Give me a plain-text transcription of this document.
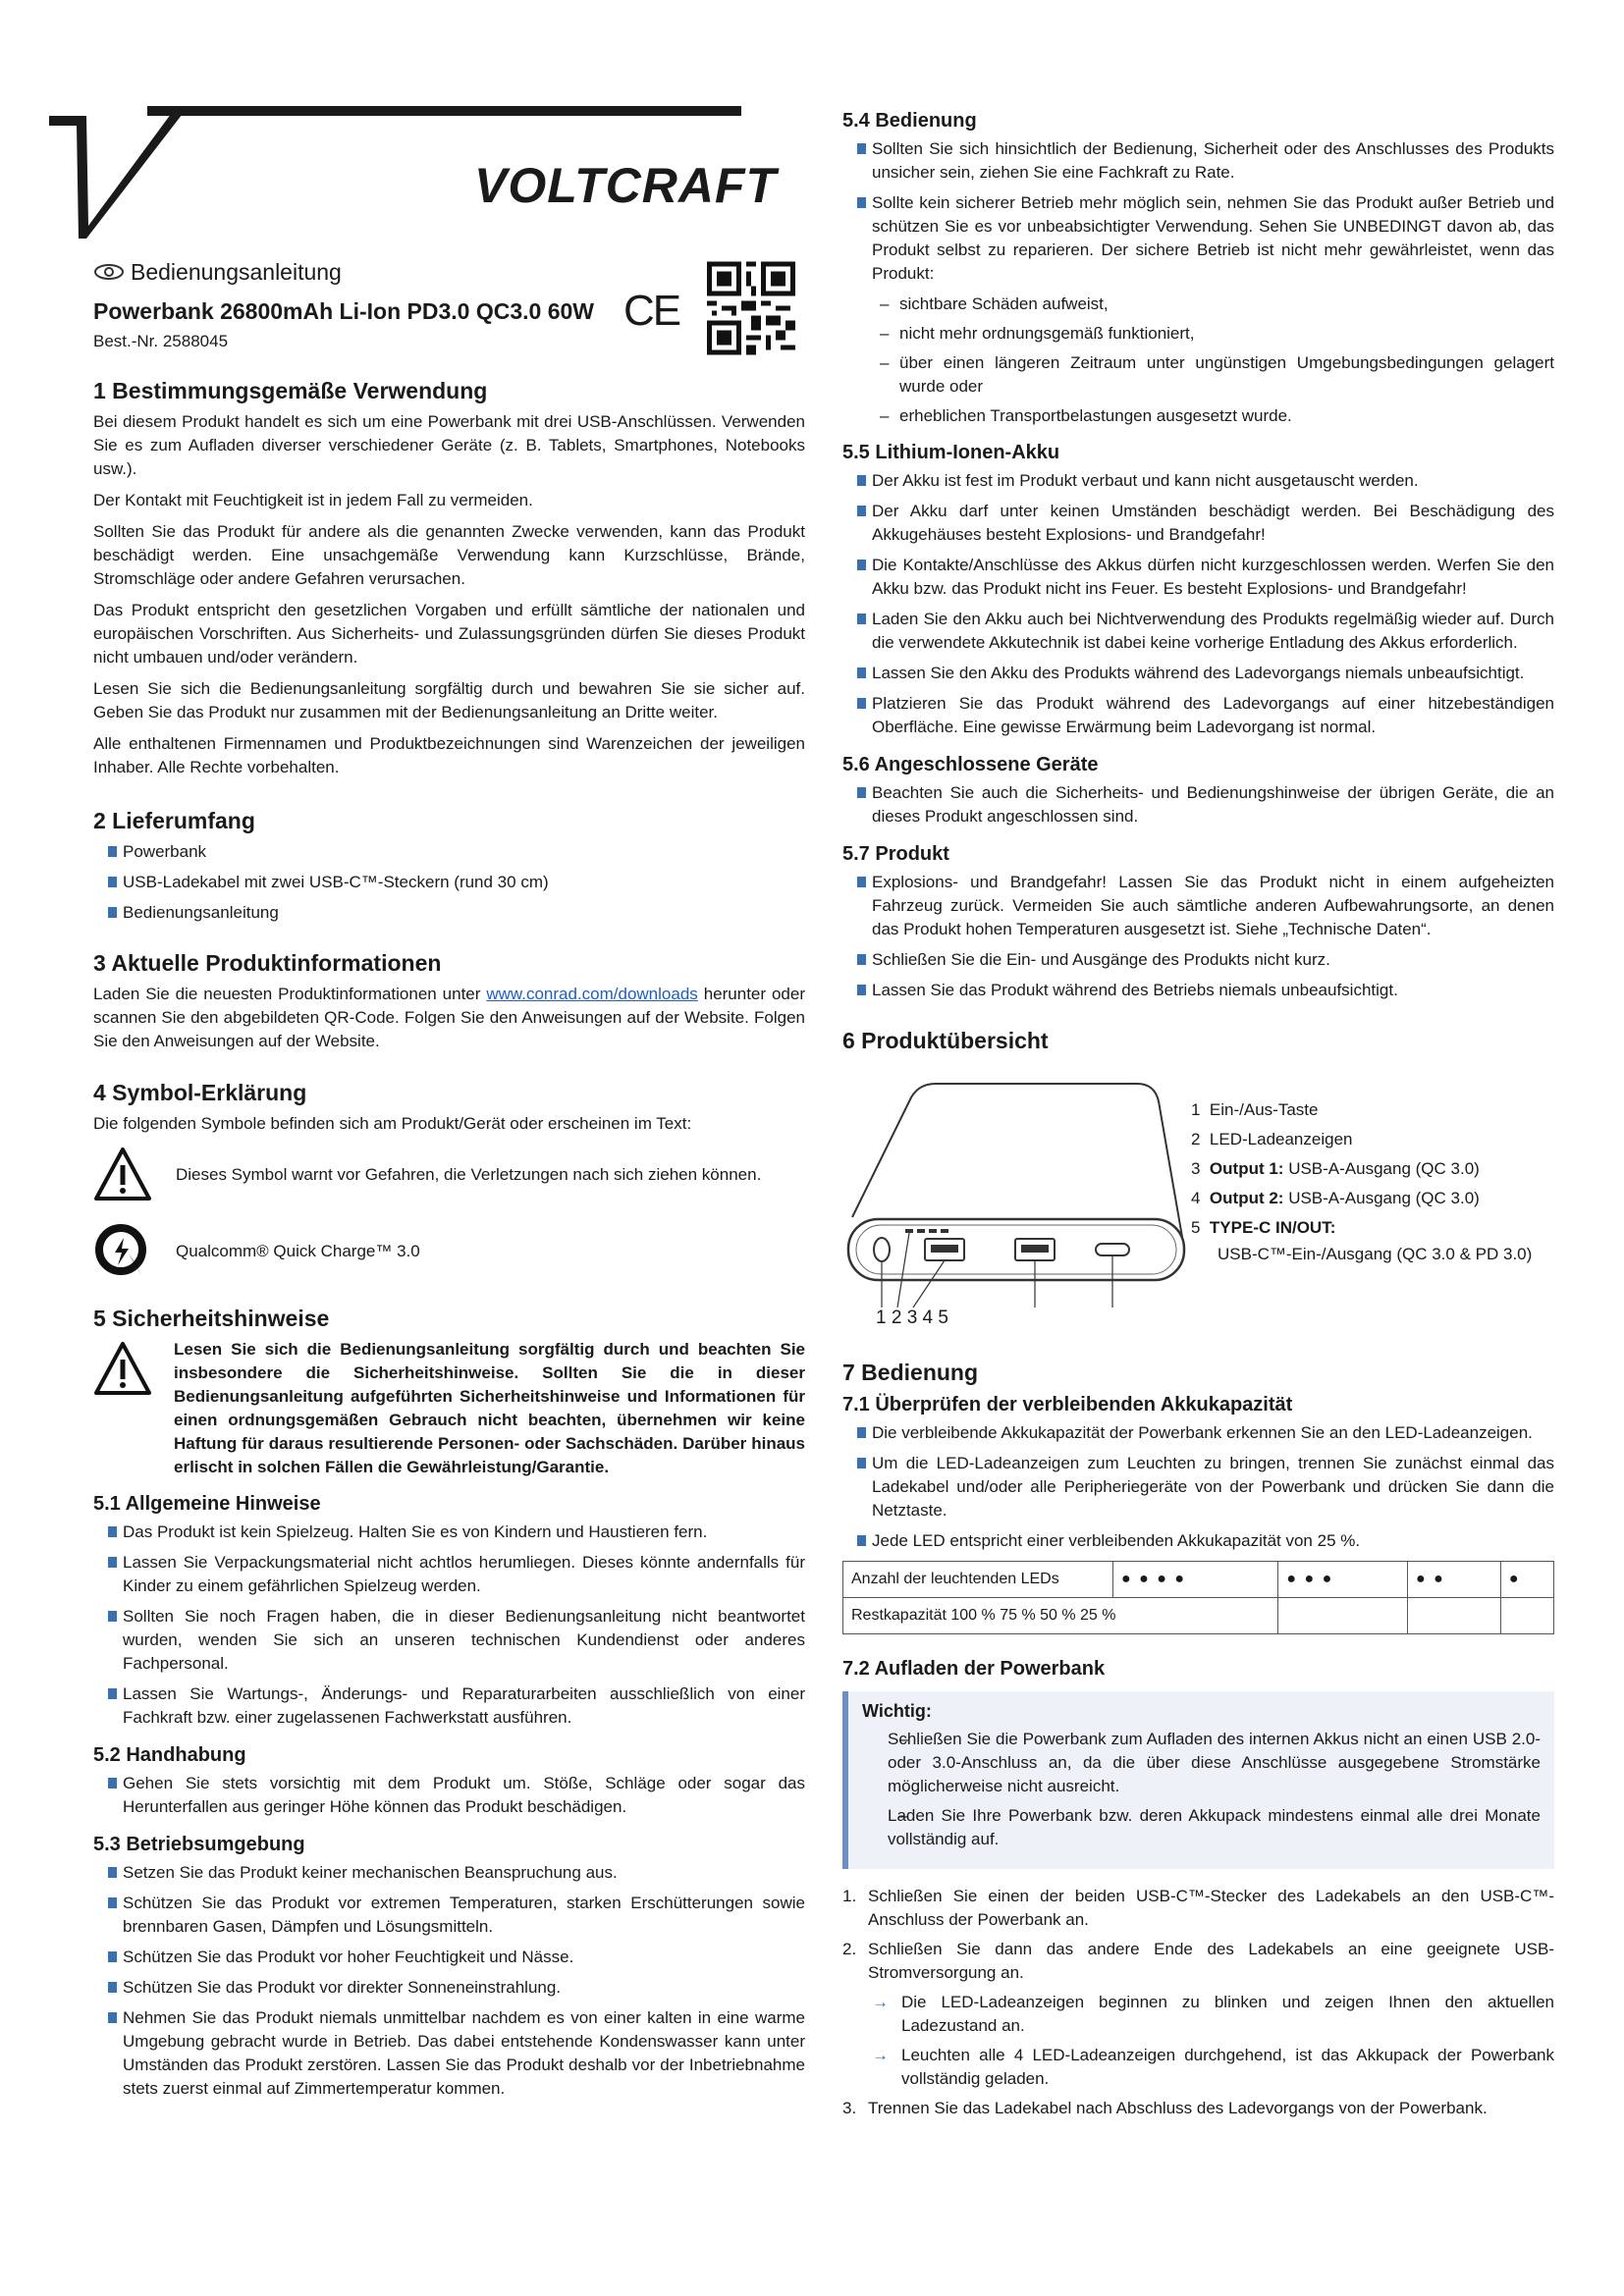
VOLTCRAFT
Bedienungsanleitung
Powerbank 26800mAh Li-Ion PD3.0 QC3.0 60W
Best.-Nr. 2588045
CE
1 Bestimmungsgemäße Verwendung

Bei diesem Produkt handelt es sich um eine Powerbank mit drei USB-Anschlüssen. Verwenden Sie es zum Aufladen diverser verschiedener Geräte (z. B. Tablets, Smartphones, Notebooks usw.).

Der Kontakt mit Feuchtigkeit ist in jedem Fall zu vermeiden.

Sollten Sie das Produkt für andere als die genannten Zwecke verwenden, kann das Produkt beschädigt werden. Eine unsachgemäße Verwendung kann Kurzschlüsse, Brände, Stromschläge oder andere Gefahren verursachen.

Das Produkt entspricht den gesetzlichen Vorgaben und erfüllt sämtliche der nationalen und europäischen Vorschriften. Aus Sicherheits- und Zulassungsgründen dürfen Sie dieses Produkt nicht umbauen und/oder verändern.

Lesen Sie sich die Bedienungsanleitung sorgfältig durch und bewahren Sie sie sicher auf. Geben Sie das Produkt nur zusammen mit der Bedienungsanleitung an Dritte weiter.

Alle enthaltenen Firmennamen und Produktbezeichnungen sind Warenzeichen der jeweiligen Inhaber. Alle Rechte vorbehalten.

2 Lieferumfang
Powerbank
USB-Ladekabel mit zwei USB-C™-Steckern (rund 30 cm)
Bedienungsanleitung
3 Aktuelle Produktinformationen

Laden Sie die neuesten Produktinformationen unter www.conrad.com/downloads herunter oder scannen Sie den abgebildeten QR-Code. Folgen Sie den Anweisungen auf der Website. Folgen Sie den Anweisungen auf der Website.

4 Symbol-Erklärung

Die folgenden Symbole befinden sich am Produkt/Gerät oder erscheinen im Text:

Dieses Symbol warnt vor Gefahren, die Verletzungen nach sich ziehen können.
Qualcomm® Quick Charge™ 3.0
5 Sicherheitshinweise

Lesen Sie sich die Bedienungsanleitung sorgfältig durch und beachten Sie insbesondere die Sicherheitshinweise. Sollten Sie die in dieser Bedienungsanleitung aufgeführten Sicherheitshinweise und Informationen für einen ordnungsgemäßen Gebrauch nicht beachten, übernehmen wir keine Haftung für daraus resultierende Personen- oder Sachschäden. Darüber hinaus erlischt in solchen Fällen die Gewährleistung/Garantie.

5.1 Allgemeine Hinweise
Das Produkt ist kein Spielzeug. Halten Sie es von Kindern und Haustieren fern.
Lassen Sie Verpackungsmaterial nicht achtlos herumliegen. Dieses könnte andernfalls für Kinder zu einem gefährlichen Spielzeug werden.
Sollten Sie noch Fragen haben, die in dieser Bedienungsanleitung nicht beantwortet wurden, wenden Sie sich an unseren technischen Kundendienst oder anderes Fachpersonal.
Lassen Sie Wartungs-, Änderungs- und Reparaturarbeiten ausschließlich von einer Fachkraft bzw. einer zugelassenen Fachwerkstatt ausführen.
5.2 Handhabung
Gehen Sie stets vorsichtig mit dem Produkt um. Stöße, Schläge oder sogar das Herunterfallen aus geringer Höhe können das Produkt beschädigen.
5.3 Betriebsumgebung
Setzen Sie das Produkt keiner mechanischen Beanspruchung aus.
Schützen Sie das Produkt vor extremen Temperaturen, starken Erschütterungen sowie brennbaren Gasen, Dämpfen und Lösungsmitteln.
Schützen Sie das Produkt vor hoher Feuchtigkeit und Nässe.
Schützen Sie das Produkt vor direkter Sonneneinstrahlung.
Nehmen Sie das Produkt niemals unmittelbar nachdem es von einer kalten in eine warme Umgebung gebracht wurde in Betrieb. Das dabei entstehende Kondenswasser kann unter Umständen das Produkt zerstören. Lassen Sie das Produkt deshalb vor der Inbetriebnahme stets zuerst einmal auf Zimmertemperatur kommen.
5.4 Bedienung
Sollten Sie sich hinsichtlich der Bedienung, Sicherheit oder des Anschlusses des Produkts unsicher sein, ziehen Sie eine Fachkraft zu Rate.
Sollte kein sicherer Betrieb mehr möglich sein, nehmen Sie das Produkt außer Betrieb und schützen Sie es vor unbeabsichtigter Verwendung. Sehen Sie UNBEDINGT davon ab, das Produkt selbst zu reparieren. Der sichere Betrieb ist nicht mehr gewährleistet, wenn das Produkt:
– sichtbare Schäden aufweist,
– nicht mehr ordnungsgemäß funktioniert,
– über einen längeren Zeitraum unter ungünstigen Umgebungsbedingungen gelagert wurde oder
– erheblichen Transportbelastungen ausgesetzt wurde.
5.5 Lithium-Ionen-Akku
Der Akku ist fest im Produkt verbaut und kann nicht ausgetauscht werden.
Der Akku darf unter keinen Umständen beschädigt werden. Bei Beschädigung des Akkugehäuses besteht Explosions- und Brandgefahr!
Die Kontakte/Anschlüsse des Akkus dürfen nicht kurzgeschlossen werden. Werfen Sie den Akku bzw. das Produkt nicht ins Feuer. Es besteht Explosions- und Brandgefahr!
Laden Sie den Akku auch bei Nichtverwendung des Produkts regelmäßig wieder auf. Durch die verwendete Akkutechnik ist dabei keine vorherige Entladung des Akkus erforderlich.
Lassen Sie den Akku des Produkts während des Ladevorgangs niemals unbeaufsichtigt.
Platzieren Sie das Produkt während des Ladevorgangs auf einer hitzebeständigen Oberfläche. Eine gewisse Erwärmung beim Ladevorgang ist normal.
5.6 Angeschlossene Geräte
Beachten Sie auch die Sicherheits- und Bedienungshinweise der übrigen Geräte, die an dieses Produkt angeschlossen sind.
5.7 Produkt
Explosions- und Brandgefahr! Lassen Sie das Produkt nicht in einem aufgeheizten Fahrzeug zurück. Vermeiden Sie auch sämtliche anderen Aufbewahrungsorte, an denen das Produkt hohen Temperaturen ausgesetzt ist. Siehe „Technische Daten“.
Schließen Sie die Ein- und Ausgänge des Produkts nicht kurz.
Lassen Sie das Produkt während des Betriebs niemals unbeaufsichtigt.
6 Produktübersicht
1 2 3 4 5
1 Ein-/Aus-Taste
2 LED-Ladeanzeigen
3 Output 1: USB-A-Ausgang (QC 3.0)
4 Output 2: USB-A-Ausgang (QC 3.0)
5 TYPE-C IN/OUT:
USB-C™-Ein-/Ausgang (QC 3.0 & PD 3.0)
7 Bedienung
7.1 Überprüfen der verbleibenden Akkukapazität
Die verbleibende Akkukapazität der Powerbank erkennen Sie an den LED-Ladeanzeigen.
Um die LED-Ladeanzeigen zum Leuchten zu bringen, trennen Sie zunächst einmal das Ladekabel und/oder alle Peripheriegeräte von der Powerbank und drücken Sie dann die Netztaste.
Jede LED entspricht einer verbleibenden Akkukapazität von 25 %.
Anzahl der leuchtenden LEDs	● ● ● ●	● ● ●	● ●	●
Restkapazität 100 % 75 % 50 % 25 %				
7.2 Aufladen der Powerbank
Wichtig:
– Schließen Sie die Powerbank zum Aufladen des internen Akkus nicht an einen USB 2.0- oder 3.0-Anschluss an, da die über diese Anschlüsse ausgegebene Stromstärke möglicherweise nicht ausreicht.
– Laden Sie Ihre Powerbank bzw. deren Akkupack mindestens einmal alle drei Monate vollständig auf.
1. Schließen Sie einen der beiden USB-C™-Stecker des Ladekabels an den USB-C™-Anschluss der Powerbank an.
2. Schließen Sie dann das andere Ende des Ladekabels an eine geeignete USB-Stromversorgung an.
→ Die LED-Ladeanzeigen beginnen zu blinken und zeigen Ihnen den aktuellen Ladezustand an.
→ Leuchten alle 4 LED-Ladeanzeigen durchgehend, ist das Akkupack der Powerbank vollständig geladen.
3. Trennen Sie das Ladekabel nach Abschluss des Ladevorgangs von der Powerbank.
